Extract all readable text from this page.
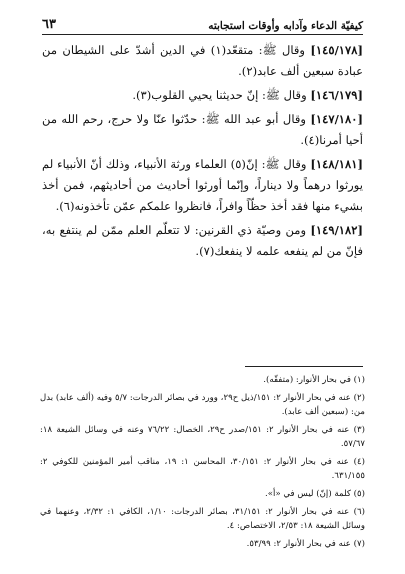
كيفيّة الدعاء وآدابه وأوقات استجابته
٦٣

[١٤٥/١٧٨] وقال ﷺ: متقعّد(١) في الدين أشدّ على الشيطان من عبادة سبعين ألف عابد(٢).

[١٤٦/١٧٩] وقال ﷺ: إنّ حديثنا يحيي القلوب(٣).

[١٤٧/١٨٠] وقال أبو عبد الله ﷺ: حدّثوا عنّا ولا حرج، رحم الله من أحيا أمرنا(٤).

[١٤٨/١٨١] وقال ﷺ: إنّ(٥) العلماء ورثة الأنبياء، وذلك أنّ الأنبياء لم يورثوا درهماً ولا ديناراً، وإنّما أورثوا أحاديث من أحاديثهم، فمن أخذ بشيء منها فقد أخذ حظّاً وافراً، فانظروا علمكم عمّن تأخذونه(٦).

[١٤٩/١٨٢] ومن وصيّة ذي القرنين: لا تتعلّم العلم ممّن لم ينتفع به، فإنّ من لم ينفعه علمه لا ينفعك(٧).

(١) في بحار الأنوار: (متفقّه).
(٢) عنه في بحار الأنوار ٢: ١٥١/ذيل ح٢٩، وورد في بصائر الدرجات: ٥/٧ وفيه (ألف عابد) بدل من: (سبعين ألف عابد).
(٣) عنه في بحار الأنوار ٢: ١٥١/صدر ح٢٩، الخصال: ٧٦/٢٢ وعنه في وسائل الشيعة ١٨: ٥٧/٦٧.
(٤) عنه في بحار الأنوار ٢: ٣٠/١٥١، المحاسن ١: ١٩، مناقب أمير المؤمنين للكوفي ٢: ٦٣١/١٥٥.
(٥) كلمة (إنّ) ليس في «أ».
(٦) عنه في بحار الأنوار ٢: ٣١/١٥١، بصائر الدرجات: ١/١٠، الكافي ١: ٢/٣٢، وعنهما في وسائل الشيعة ١٨: ٢/٥٣، الاختصاص: ٤.
(٧) عنه في بحار الأنوار ٢: ٥٣/٩٩.
